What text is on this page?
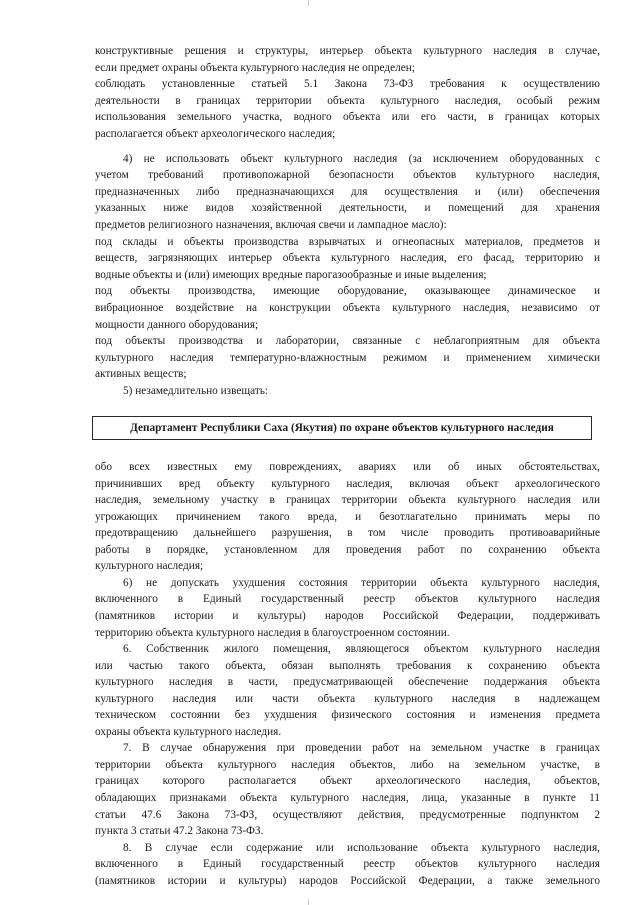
конструктивные решения и структуры, интерьер объекта культурного наследия в случае,

если предмет охраны объекта культурного наследия не определен;

соблюдать установленные статьей 5.1 Закона 73-ФЗ требования к осуществлению

деятельности в границах территории объекта культурного наследия, особый режим

использования земельного участка, водного объекта или его части, в границах которых

располагается объект археологического наследия;

4) не использовать объект культурного наследия (за исключением оборудованных с

учетом требований противопожарной безопасности объектов культурного наследия,

предназначенных либо предназначающихся для осуществления и (или) обеспечения

указанных ниже видов хозяйственной деятельности, и помещений для хранения

предметов религиозного назначения, включая свечи и лампадное масло):

под склады и объекты производства взрывчатых и огнеопасных материалов, предметов и

веществ, загрязняющих интерьер объекта культурного наследия, его фасад, территорию и

водные объекты и (или) имеющих вредные парогазообразные и иные выделения;

под объекты производства, имеющие оборудование, оказывающее динамическое и

вибрационное воздействие на конструкции объекта культурного наследия, независимо от

мощности данного оборудования;

под объекты производства и лаборатории, связанные с неблагоприятным для объекта

культурного наследия температурно-влажностным режимом и применением химически

активных веществ;

5) незамедлительно извещать:

Департамент Республики Саха (Якутия) по охране объектов культурного наследия

обо всех известных ему повреждениях, авариях или об иных обстоятельствах,

причинивших вред объекту культурного наследия, включая объект археологического

наследия, земельному участку в границах территории объекта культурного наследия или

угрожающих причинением такого вреда, и безотлагательно принимать меры по

предотвращению дальнейшего разрушения, в том числе проводить противоаварийные

работы в порядке, установленном для проведения работ по сохранению объекта

культурного наследия;

6) не допускать ухудшения состояния территории объекта культурного наследия,

включенного в Единый государственный реестр объектов культурного наследия

(памятников истории и культуры) народов Российской Федерации, поддерживать

территорию объекта культурного наследия в благоустроенном состоянии.

6. Собственник жилого помещения, являющегося объектом культурного наследия

или частью такого объекта, обязан выполнять требования к сохранению объекта

культурного наследия в части, предусматривающей обеспечение поддержания объекта

культурного наследия или части объекта культурного наследия в надлежащем

техническом состоянии без ухудшения физического состояния и изменения предмета

охраны объекта культурного наследия.

7. В случае обнаружения при проведении работ на земельном участке в границах

территории объекта культурного наследия объектов, либо на земельном участке, в

границах которого располагается объект археологического наследия, объектов,

обладающих признаками объекта культурного наследия, лица, указанные в пункте 11

статьи 47.6 Закона 73-ФЗ, осуществляют действия, предусмотренные подпунктом 2

пункта 3 статьи 47.2 Закона 73-ФЗ.

8. В случае если содержание или использование объекта культурного наследия,

включенного в Единый государственный реестр объектов культурного наследия

(памятников истории и культуры) народов Российской Федерации, а также земельного
